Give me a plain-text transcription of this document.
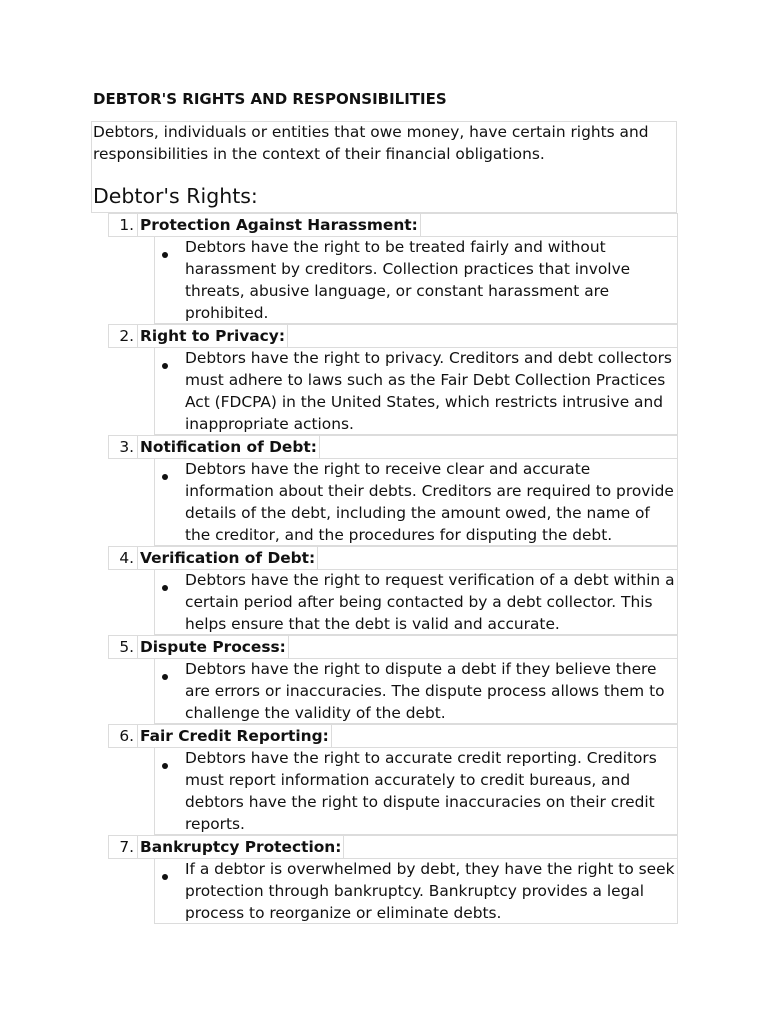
DEBTOR'S RIGHTS AND RESPONSIBILITIES
Debtors, individuals or entities that owe money, have certain rights and responsibilities in the context of their financial obligations.
Debtor's Rights:
1. Protection Against Harassment:
Debtors have the right to be treated fairly and without harassment by creditors. Collection practices that involve threats, abusive language, or constant harassment are prohibited.
2. Right to Privacy:
Debtors have the right to privacy. Creditors and debt collectors must adhere to laws such as the Fair Debt Collection Practices Act (FDCPA) in the United States, which restricts intrusive and inappropriate actions.
3. Notification of Debt:
Debtors have the right to receive clear and accurate information about their debts. Creditors are required to provide details of the debt, including the amount owed, the name of the creditor, and the procedures for disputing the debt.
4. Verification of Debt:
Debtors have the right to request verification of a debt within a certain period after being contacted by a debt collector. This helps ensure that the debt is valid and accurate.
5. Dispute Process:
Debtors have the right to dispute a debt if they believe there are errors or inaccuracies. The dispute process allows them to challenge the validity of the debt.
6. Fair Credit Reporting:
Debtors have the right to accurate credit reporting. Creditors must report information accurately to credit bureaus, and debtors have the right to dispute inaccuracies on their credit reports.
7. Bankruptcy Protection:
If a debtor is overwhelmed by debt, they have the right to seek protection through bankruptcy. Bankruptcy provides a legal process to reorganize or eliminate debts.
